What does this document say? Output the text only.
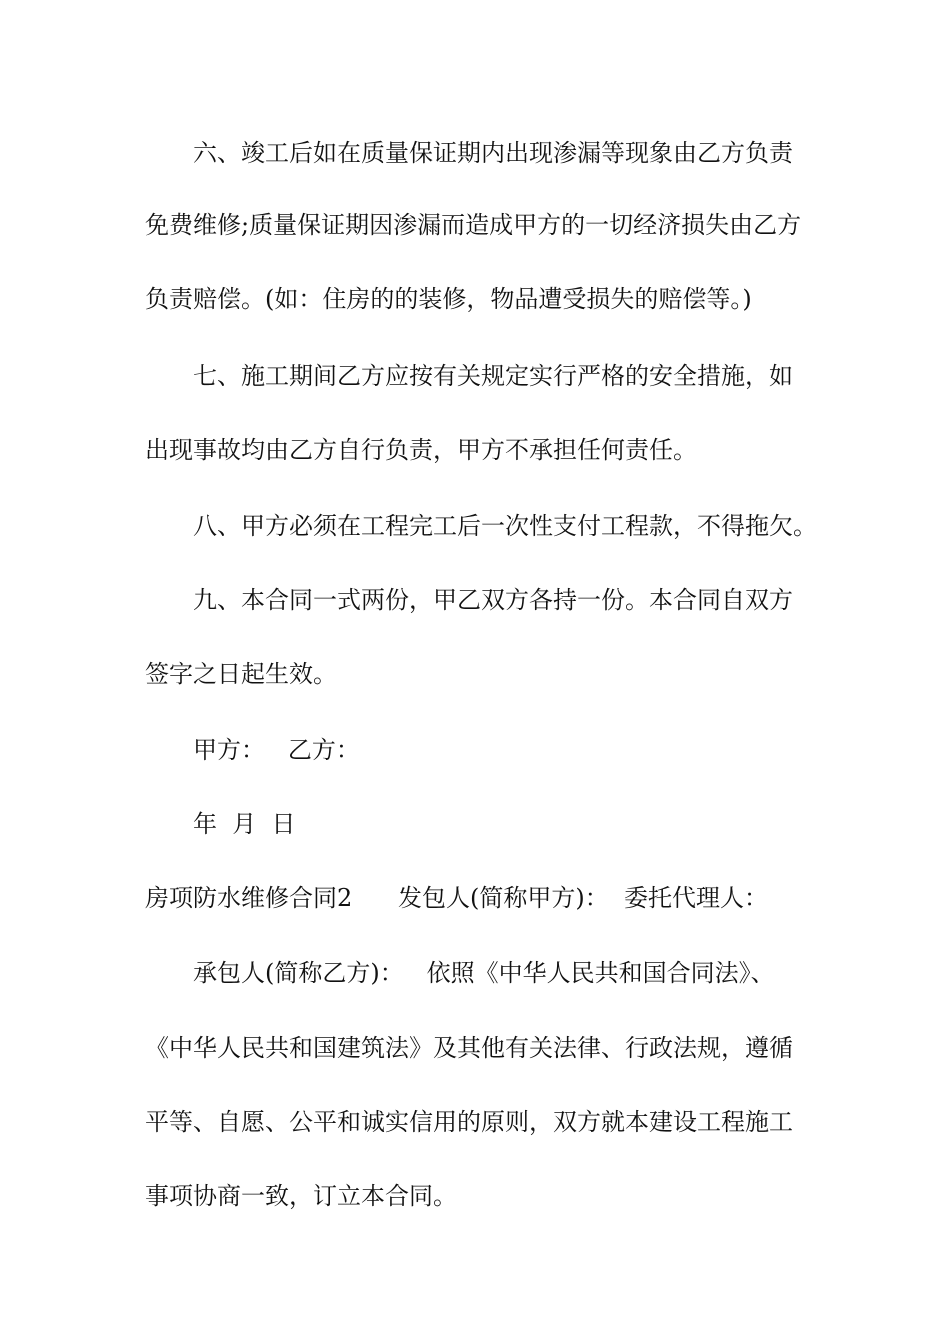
六、竣工后如在质量保证期内出现渗漏等现象由乙方负责
免费维修;质量保证期因渗漏而造成甲方的一切经济损失由乙方
负责赔偿。(如：住房的的装修，物品遭受损失的赔偿等。)
七、施工期间乙方应按有关规定实行严格的安全措施，如
出现事故均由乙方自行负责，甲方不承担任何责任。
八、甲方必须在工程完工后一次性支付工程款，不得拖欠。
九、本合同一式两份，甲乙双方各持一份。本合同自双方
签字之日起生效。
甲方：   乙方：
年  月  日
房项防水维修合同2      发包人(简称甲方)：  委托代理人：
承包人(简称乙方)：   依照《中华人民共和国合同法》、
《中华人民共和国建筑法》及其他有关法律、行政法规，遵循
平等、自愿、公平和诚实信用的原则，双方就本建设工程施工
事项协商一致，订立本合同。
